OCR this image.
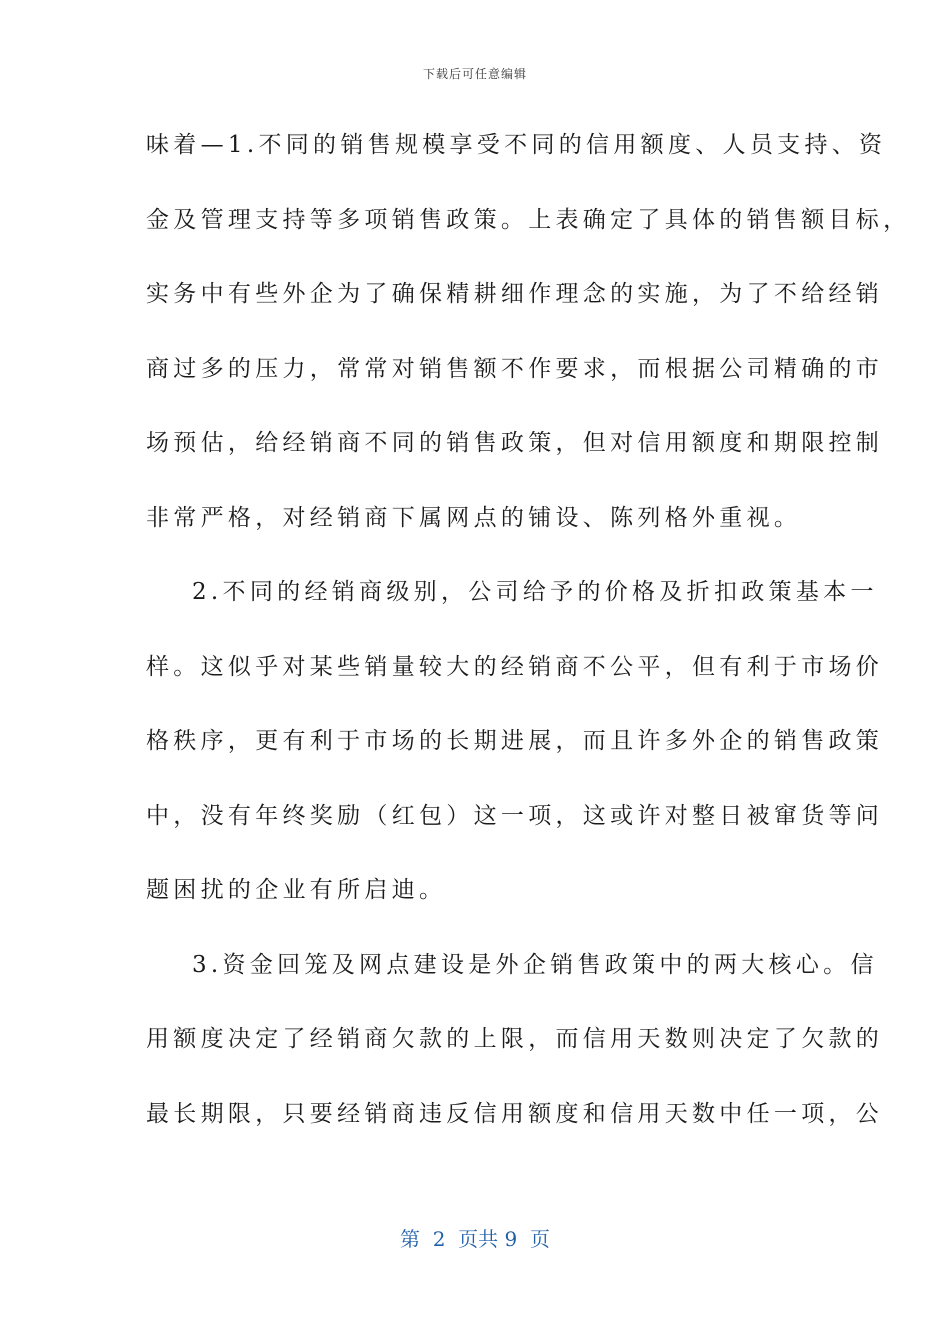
下载后可任意编辑
味着—1.不同的销售规模享受不同的信用额度、人员支持、资
金及管理支持等多项销售政策。上表确定了具体的销售额目标，
实务中有些外企为了确保精耕细作理念的实施，为了不给经销
商过多的压力，常常对销售额不作要求，而根据公司精确的市
场预估，给经销商不同的销售政策，但对信用额度和期限控制
非常严格，对经销商下属网点的铺设、陈列格外重视。
2.不同的经销商级别，公司给予的价格及折扣政策基本一
样。这似乎对某些销量较大的经销商不公平，但有利于市场价
格秩序，更有利于市场的长期进展，而且许多外企的销售政策
中，没有年终奖励（红包）这一项，这或许对整日被窜货等问
题困扰的企业有所启迪。
3.资金回笼及网点建设是外企销售政策中的两大核心。信
用额度决定了经销商欠款的上限，而信用天数则决定了欠款的
最长期限，只要经销商违反信用额度和信用天数中任一项，公
第  2  页共 9  页
